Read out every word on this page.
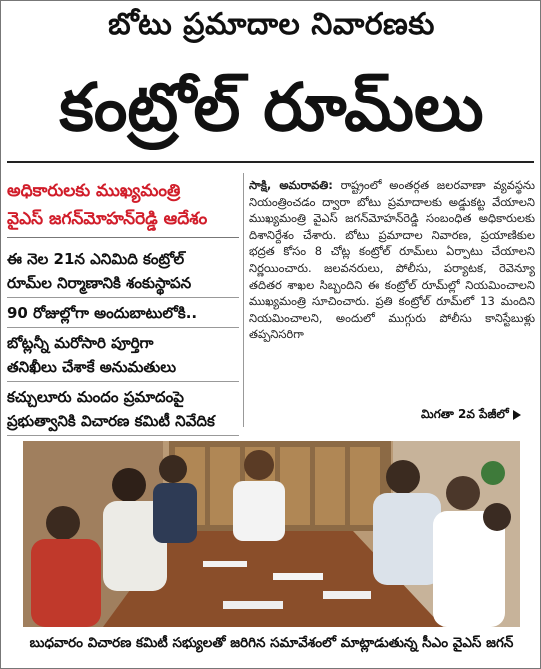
బోటు ప్రమాదాల నివారణకు
కంట్రోల్ రూమ్‌లు
అధికారులకు ముఖ్యమంత్రి
వైఎస్ జగన్‌మోహన్‌రెడ్డి ఆదేశం
ఈ నెల 21న ఎనిమిది కంట్రోల్
రూమ్‌ల నిర్మాణానికి శంకుస్థాపన
90 రోజుల్లోగా అందుబాటులోకి..
బోట్లన్నీ మరోసారి పూర్తిగా
తనిఖీలు చేశాకే అనుమతులు
కచ్చులూరు మందం ప్రమాదంపై
ప్రభుత్వానికి విచారణ కమిటీ నివేదిక
సాక్షి, అమరావతి: రాష్ట్రంలో అంతర్గత జలరవాణా వ్యవస్థను నియంత్రించడం ద్వారా బోటు ప్రమాదాలకు అడ్డుకట్ట వేయాలని ముఖ్యమంత్రి వైఎస్ జగన్‌మోహన్‌రెడ్డి సంబంధిత అధికారులకు దిశానిర్దేశం చేశారు. బోటు ప్రమాదాల నివారణ, ప్రయాణికుల భద్రత కోసం 8 చోట్ల కంట్రోల్ రూమ్‌లు ఏర్పాటు చేయాలని నిర్ణయించారు. జలవనరులు, పోలీసు, పర్యాటక, రెవెన్యూ తదితర శాఖల సిబ్బందిని ఈ కంట్రోల్ రూమ్‌ల్లో నియమించాలని ముఖ్యమంత్రి సూచించారు. ప్రతి కంట్రోల్ రూమ్‌లో 13 మందిని నియమించాలని, అందులో ముగ్గురు పోలీసు కానిస్టేబుళ్లు తప్పనిసరిగా
మిగతా 2వ పేజీలో
బుధవారం విచారణ కమిటీ సభ్యులతో జరిగిన సమావేశంలో మాట్లాడుతున్న సీఎం వైఎస్ జగన్
